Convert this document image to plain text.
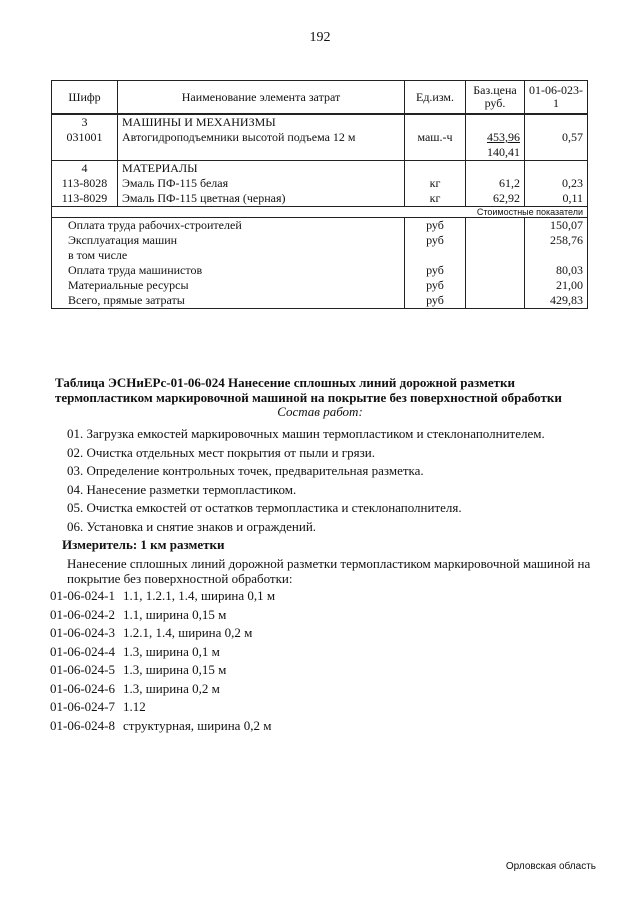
192
Шифр	Наименование элемента затрат	Ед.изм.	Баз.цена руб.	01-06-023-1
3	МАШИНЫ И МЕХАНИЗМЫ			
031001	Автогидроподъемники высотой подъема 12 м	маш.-ч	453,96	0,57
			140,41	
4	МАТЕРИАЛЫ			
113-8028	Эмаль ПФ-115 белая	кг	61,2	0,23
113-8029	Эмаль ПФ-115 цветная (черная)	кг	62,92	0,11
Стоимостные показатели				
Оплата труда рабочих-строителей		руб		150,07
Эксплуатация машин		руб		258,76
в том числе				
Оплата труда машинистов		руб		80,03
Материальные ресурсы		руб		21,00
Всего, прямые затраты		руб		429,83
Таблица ЭСНиЕРс-01-06-024 Нанесение сплошных линий дорожной разметки
термопластиком маркировочной машиной на покрытие без поверхностной обработки
Состав работ:
01. Загрузка емкостей маркировочных машин термопластиком и стеклонаполнителем.
02. Очистка отдельных мест покрытия от пыли и грязи.
03. Определение контрольных точек, предварительная разметка.
04. Нанесение разметки термопластиком.
05. Очистка емкостей от остатков термопластика и стеклонаполнителя.
06. Установка и снятие знаков и ограждений.
Измеритель: 1 км разметки
Нанесение сплошных линий дорожной разметки термопластиком маркировочной машиной на
покрытие без поверхностной обработки:
01-06-024-1 1.1, 1.2.1, 1.4, ширина 0,1 м
01-06-024-2 1.1, ширина 0,15 м
01-06-024-3 1.2.1, 1.4, ширина 0,2 м
01-06-024-4 1.3, ширина 0,1 м
01-06-024-5 1.3, ширина 0,15 м
01-06-024-6 1.3, ширина 0,2 м
01-06-024-7 1.12
01-06-024-8 структурная, ширина 0,2 м
Орловская область
